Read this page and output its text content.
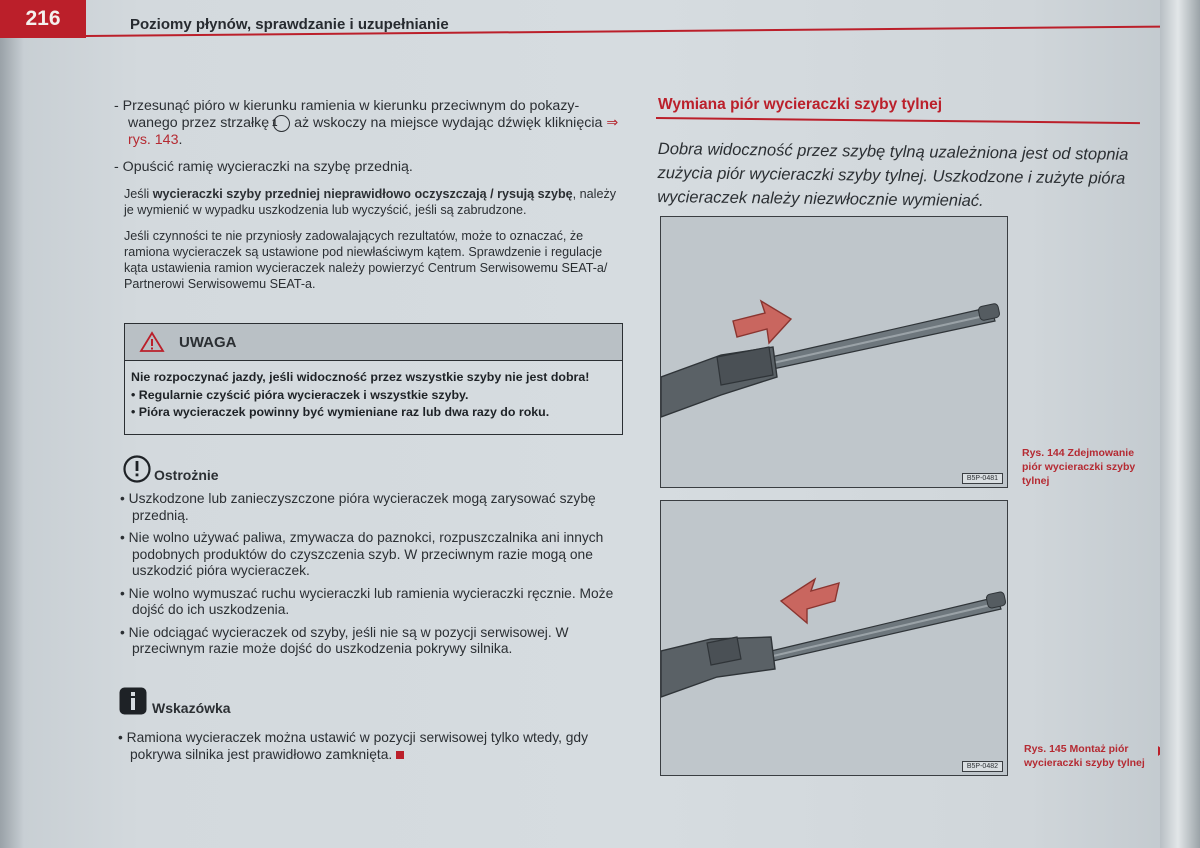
216	Poziomy płynów, sprawdzanie i uzupełnianie

- Przesunąć pióro w kierunku ramienia w kierunku przeciwnym do pokazy-wanego przez strzałkę 1 aż wskoczy na miejsce wydając dźwięk kliknięcia ⇒ rys. 143.

- Opuścić ramię wycieraczki na szybę przednią.

Jeśli wycieraczki szyby przedniej nieprawidłowo oczyszczają / rysują szybę, należy je wymienić w wypadku uszkodzenia lub wyczyścić, jeśli są zabrudzone.

Jeśli czynności te nie przyniosły zadowalających rezultatów, może to oznaczać, że ramiona wycieraczek są ustawione pod niewłaściwym kątem. Sprawdzenie i regulacje kąta ustawienia ramion wycieraczek należy powierzyć Centrum Serwisowemu SEAT-a/ Partnerowi Serwisowemu SEAT-a.

UWAGA
Nie rozpoczynać jazdy, jeśli widoczność przez wszystkie szyby nie jest dobra!
• Regularnie czyścić pióra wycieraczek i wszystkie szyby.
• Pióra wycieraczek powinny być wymieniane raz lub dwa razy do roku.
Ostrożnie

• Uszkodzone lub zanieczyszczone pióra wycieraczek mogą zarysować szybę przednią.

• Nie wolno używać paliwa, zmywacza do paznokci, rozpuszczalnika ani innych podobnych produktów do czyszczenia szyb. W przeciwnym razie mogą one uszkodzić pióra wycieraczek.

• Nie wolno wymuszać ruchu wycieraczki lub ramienia wycieraczki ręcznie. Może dojść do ich uszkodzenia.

• Nie odciągać wycieraczek od szyby, jeśli nie są w pozycji serwisowej. W przeciwnym razie może dojść do uszkodzenia pokrywy silnika.

Wskazówka

• Ramiona wycieraczek można ustawić w pozycji serwisowej tylko wtedy, gdy pokrywa silnika jest prawidłowo zamknięta.

Wymiana piór wycieraczki szyby tylnej
Dobra widoczność przez szybę tylną uzależniona jest od stopnia zużycia piór wycieraczki szyby tylnej. Uszkodzone i zużyte pióra wycieraczek należy niezwłocznie wymieniać.
B5P-0481
B5P-0482
Rys. 144 Zdejmowanie piór wycieraczki szyby tylnej
Rys. 145 Montaż piór wycieraczki szyby tylnej
